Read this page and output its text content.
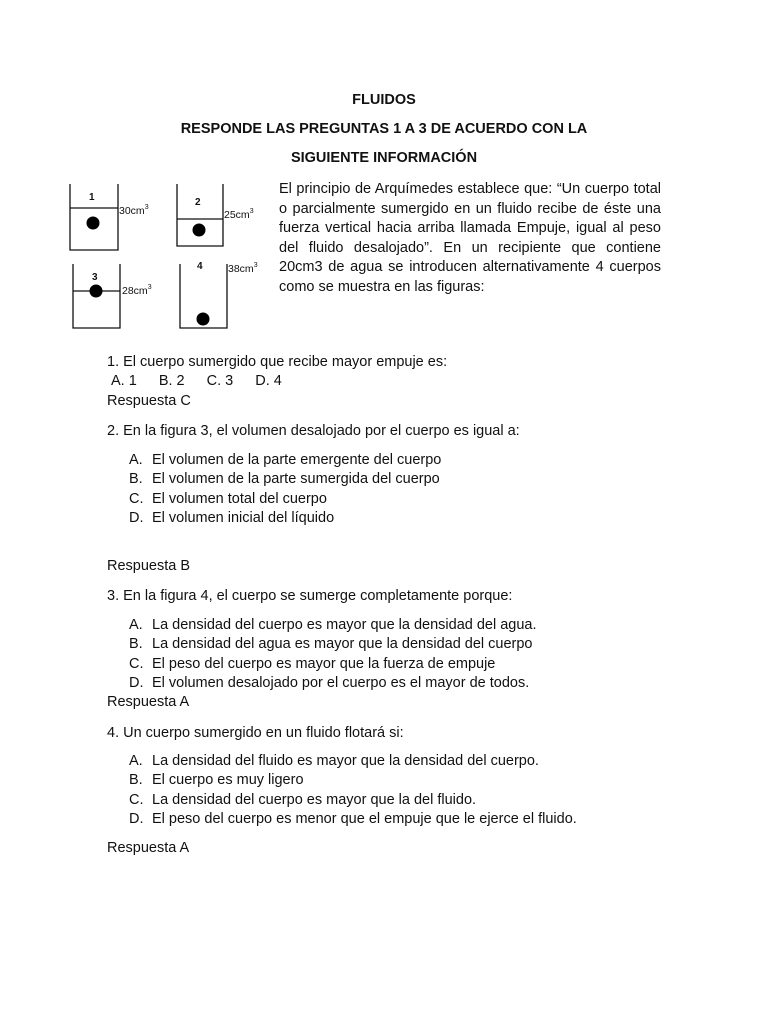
FLUIDOS
RESPONDE LAS PREGUNTAS 1 A 3 DE ACUERDO CON LA
SIGUIENTE INFORMACIÓN
1
$30cm^3$	2
$25cm^3$
3
$28cm^3$
4 $38cm^3$

El principio de Arquímedes establece que: “Un cuerpo total o parcialmente sumergido en un fluido recibe de éste una fuerza vertical hacia arriba llamada Empuje, igual al peso del fluido desalojado”. En un recipiente que contiene 20cm3 de agua se introducen alternativamente 4 cuerpos como se muestra en las figuras:

1. El cuerpo sumergido que recibe mayor empuje es:
A. 1 B. 2 C. 3 D. 4
Respuesta C
2. En la figura 3, el volumen desalojado por el cuerpo es igual a:
A. El volumen de la parte emergente del cuerpo
B. El volumen de la parte sumergida del cuerpo
C. El volumen total del cuerpo
D. El volumen inicial del líquido
Respuesta B
3. En la figura 4, el cuerpo se sumerge completamente porque:
A. La densidad del cuerpo es mayor que la densidad del agua.
B. La densidad del agua es mayor que la densidad del cuerpo
C. El peso del cuerpo es mayor que la fuerza de empuje
D. El volumen desalojado por el cuerpo es el mayor de todos.
Respuesta A
4. Un cuerpo sumergido en un fluido flotará si:
A. La densidad del fluido es mayor que la densidad del cuerpo.
B. El cuerpo es muy ligero
C. La densidad del cuerpo es mayor que la del fluido.
D. El peso del cuerpo es menor que el empuje que le ejerce el fluido.
Respuesta A
